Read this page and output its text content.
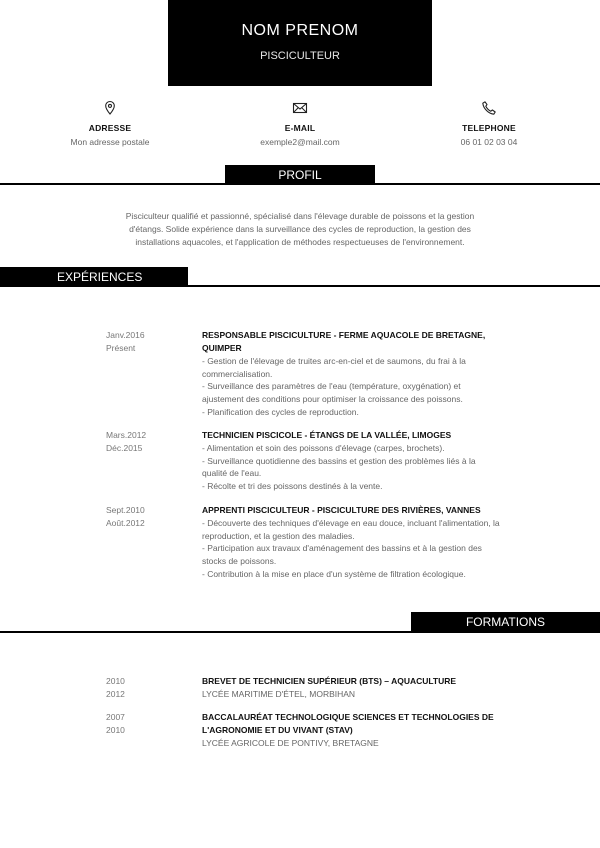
NOM PRENOM
PISCICULTEUR
ADRESSE
Mon adresse postale
E-MAIL
exemple2@mail.com
TELEPHONE
06 01 02 03 04
PROFIL
Pisciculteur qualifié et passionné, spécialisé dans l'élevage durable de poissons et la gestion d'étangs. Solide expérience dans la surveillance des cycles de reproduction, la gestion des installations aquacoles, et l'application de méthodes respectueuses de l'environnement.
EXPÉRIENCES
Janv.2016
Présent
RESPONSABLE PISCICULTURE - FERME AQUACOLE DE BRETAGNE, QUIMPER
- Gestion de l'élevage de truites arc-en-ciel et de saumons, du frai à la commercialisation.
- Surveillance des paramètres de l'eau (température, oxygénation) et ajustement des conditions pour optimiser la croissance des poissons.
- Planification des cycles de reproduction.
Mars.2012
Déc.2015
TECHNICIEN PISCICOLE - ÉTANGS DE LA VALLÉE, LIMOGES
- Alimentation et soin des poissons d'élevage (carpes, brochets).
- Surveillance quotidienne des bassins et gestion des problèmes liés à la qualité de l'eau.
- Récolte et tri des poissons destinés à la vente.
Sept.2010
Août.2012
APPRENTI PISCICULTEUR - PISCICULTURE DES RIVIÈRES, VANNES
- Découverte des techniques d'élevage en eau douce, incluant l'alimentation, la reproduction, et la gestion des maladies.
- Participation aux travaux d'aménagement des bassins et à la gestion des stocks de poissons.
- Contribution à la mise en place d'un système de filtration écologique.
FORMATIONS
2010
2012
BREVET DE TECHNICIEN SUPÉRIEUR (BTS) – AQUACULTURE
LYCÉE MARITIME D'ÉTEL, MORBIHAN
2007
2010
BACCALAURÉAT TECHNOLOGIQUE SCIENCES ET TECHNOLOGIES DE L'AGRONOMIE ET DU VIVANT (STAV)
LYCÉE AGRICOLE DE PONTIVY, BRETAGNE
